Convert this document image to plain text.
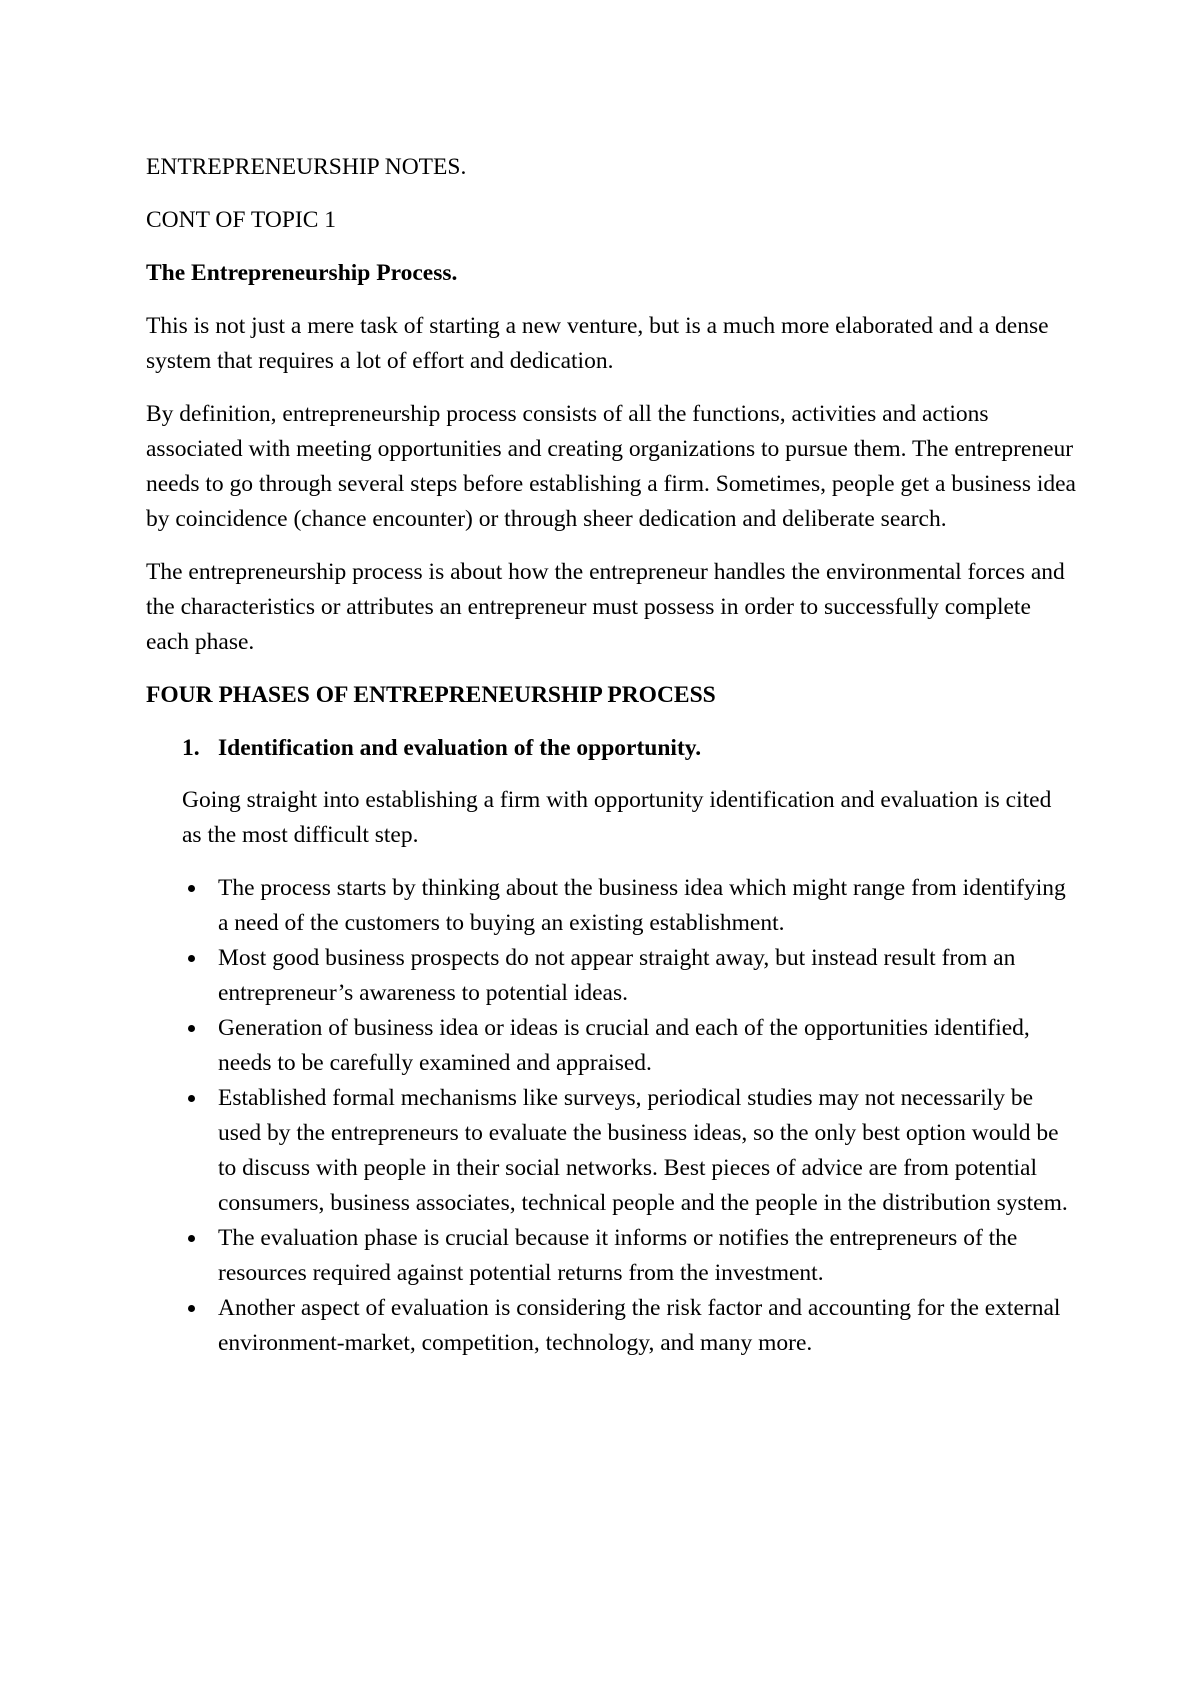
ENTREPRENEURSHIP NOTES.
CONT OF TOPIC 1
The Entrepreneurship Process.

This is not just a mere task of starting a new venture, but is a much more elaborated and a dense system that requires a lot of effort and dedication.

By definition, entrepreneurship process consists of all the functions, activities and actions associated with meeting opportunities and creating organizations to pursue them. The entrepreneur needs to go through several steps before establishing a firm. Sometimes, people get a business idea by coincidence (chance encounter) or through sheer dedication and deliberate search.

The entrepreneurship process is about how the entrepreneur handles the environmental forces and the characteristics or attributes an entrepreneur must possess in order to successfully complete each phase.

FOUR PHASES OF ENTREPRENEURSHIP PROCESS
1. Identification and evaluation of the opportunity.

Going straight into establishing a firm with opportunity identification and evaluation is cited as the most difficult step.

The process starts by thinking about the business idea which might range from identifying a need of the customers to buying an existing establishment.
Most good business prospects do not appear straight away, but instead result from an entrepreneur’s awareness to potential ideas.
Generation of business idea or ideas is crucial and each of the opportunities identified, needs to be carefully examined and appraised.
Established formal mechanisms like surveys, periodical studies may not necessarily be used by the entrepreneurs to evaluate the business ideas, so the only best option would be to discuss with people in their social networks. Best pieces of advice are from potential consumers, business associates, technical people and the people in the distribution system.
The evaluation phase is crucial because it informs or notifies the entrepreneurs of the resources required against potential returns from the investment.
Another aspect of evaluation is considering the risk factor and accounting for the external environment-market, competition, technology, and many more.
